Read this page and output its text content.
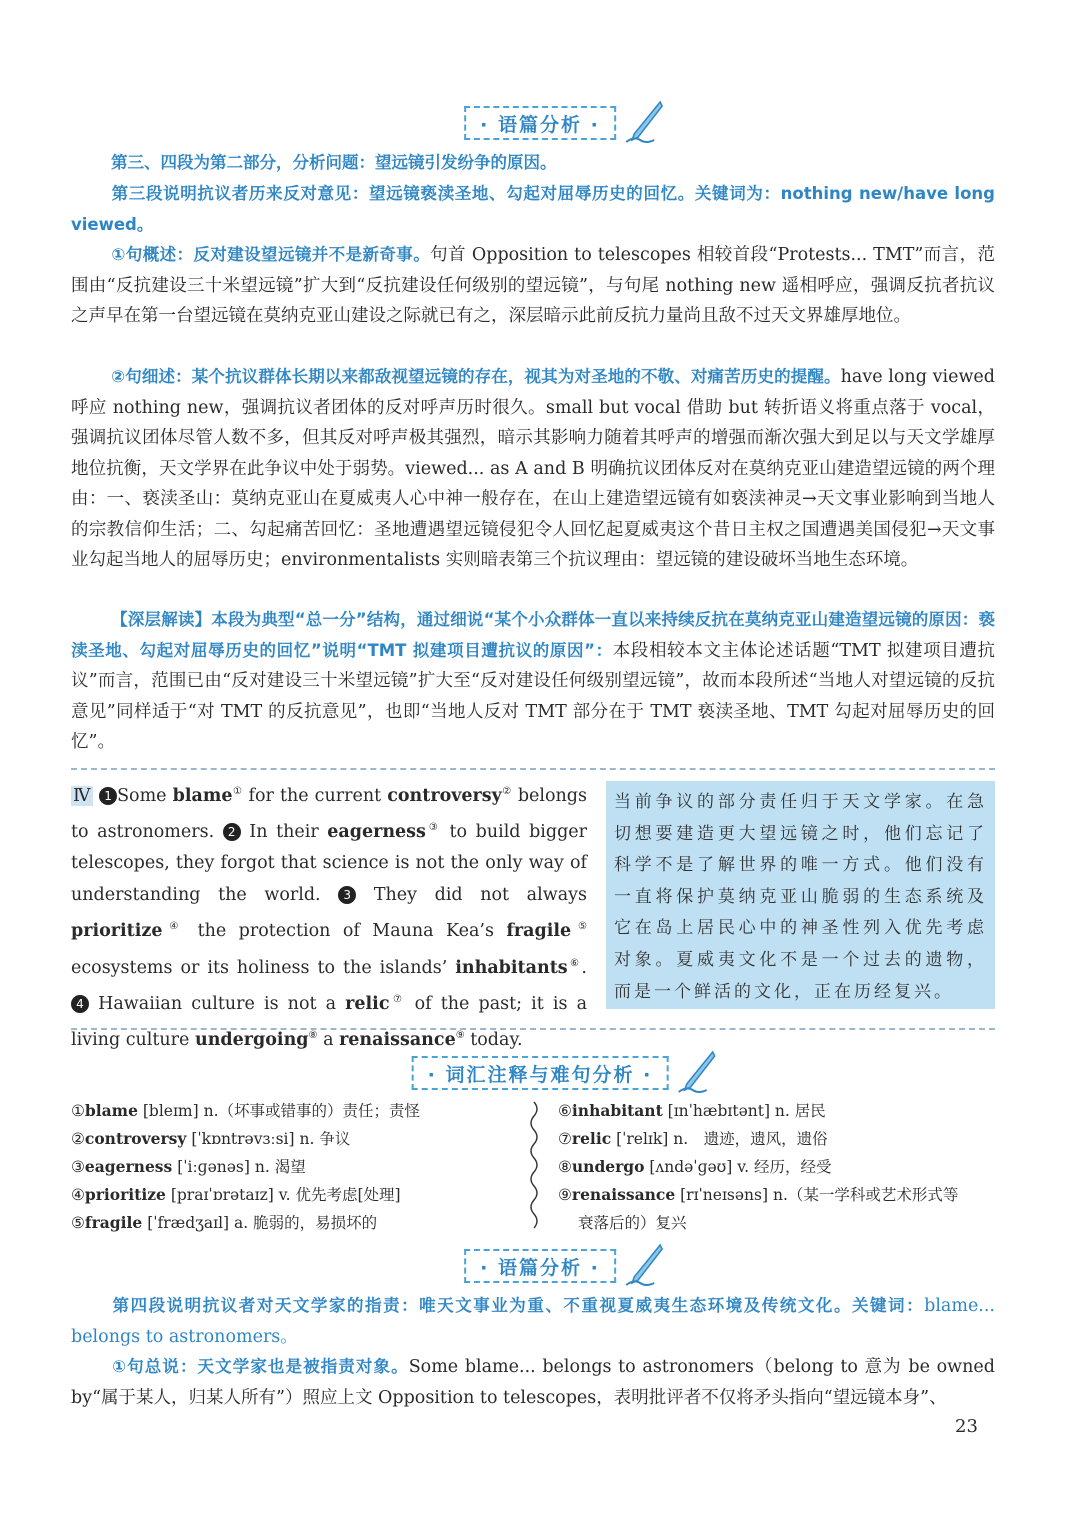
· 语篇分析 ·

第三、四段为第二部分，分析问题：望远镜引发纷争的原因。

第三段说明抗议者历来反对意见：望远镜亵渎圣地、勾起对屈辱历史的回忆。关键词为：nothing new/have long viewed。

①句概述：反对建设望远镜并不是新奇事。句首 Opposition to telescopes 相较首段“Protests... TMT”而言，范围由“反抗建设三十米望远镜”扩大到“反抗建设任何级别的望远镜”，与句尾 nothing new 遥相呼应，强调反抗者抗议之声早在第一台望远镜在莫纳克亚山建设之际就已有之，深层暗示此前反抗力量尚且敌不过天文界雄厚地位。

②句细述：某个抗议群体长期以来都敌视望远镜的存在，视其为对圣地的不敬、对痛苦历史的提醒。have long viewed 呼应 nothing new，强调抗议者团体的反对呼声历时很久。small but vocal 借助 but 转折语义将重点落于 vocal，强调抗议团体尽管人数不多，但其反对呼声极其强烈，暗示其影响力随着其呼声的增强而渐次强大到足以与天文学雄厚地位抗衡，天文学界在此争议中处于弱势。viewed... as A and B 明确抗议团体反对在莫纳克亚山建造望远镜的两个理由：一、亵渎圣山：莫纳克亚山在夏威夷人心中神一般存在，在山上建造望远镜有如亵渎神灵→天文事业影响到当地人的宗教信仰生活；二、勾起痛苦回忆：圣地遭遇望远镜侵犯令人回忆起夏威夷这个昔日主权之国遭遇美国侵犯→天文事业勾起当地人的屈辱历史；environmentalists 实则暗表第三个抗议理由：望远镜的建设破坏当地生态环境。

【深层解读】本段为典型“总一分”结构，通过细说“某个小众群体一直以来持续反抗在莫纳克亚山建造望远镜的原因：亵渎圣地、勾起对屈辱历史的回忆”说明“TMT 拟建项目遭抗议的原因”：本段相较本文主体论述话题“TMT 拟建项目遭抗议”而言，范围已由“反对建设三十米望远镜”扩大至“反对建设任何级别望远镜”，故而本段所述“当地人对望远镜的反抗意见”同样适于“对 TMT 的反抗意见”，也即“当地人反对 TMT 部分在于 TMT 亵渎圣地、TMT 勾起对屈辱历史的回忆”。

Ⅳ 1 Some blame① for the current controversy② belongs to astronomers. 2 In their eagerness③ to build bigger telescopes, they forgot that science is not the only way of understanding the world. 3 They did not always prioritize④ the protection of Mauna Kea’s fragile⑤ ecosystems or its holiness to the islands’ inhabitants⑥. 4 Hawaiian culture is not a relic⑦ of the past; it is a living culture undergoing⑧ a renaissance⑨ today.

当前争议的部分责任归于天文学家。在急切想要建造更大望远镜之时，他们忘记了科学不是了解世界的唯一方式。他们没有一直将保护莫纳克亚山脆弱的生态系统及它在岛上居民心中的神圣性列入优先考虑对象。夏威夷文化不是一个过去的遗物，而是一个鲜活的文化，正在历经复兴。
· 词汇注释与难句分析 ·
①blame [bleɪm] n.（坏事或错事的）责任；责怪
②controversy [ˈkɒntrəvɜːsi] n. 争议
③eagerness [ˈiːɡənəs] n. 渴望
④prioritize [praɪˈɒrətaɪz] v. 优先考虑[处理]
⑤fragile [ˈfrædʒaɪl] a. 脆弱的，易损坏的
⑥inhabitant [ɪnˈhæbɪtənt] n. 居民
⑦relic [ˈrelɪk] n.　遗迹，遗风，遗俗
⑧undergo [ʌndəˈɡəʊ] v. 经历，经受
⑨renaissance [rɪˈneɪsəns] n.（某一学科或艺术形式等
衰落后的）复兴
· 语篇分析 ·

第四段说明抗议者对天文学家的指责：唯天文事业为重、不重视夏威夷生态环境及传统文化。关键词：blame... belongs to astronomers。

①句总说：天文学家也是被指责对象。Some blame... belongs to astronomers（belong to 意为 be owned by“属于某人，归某人所有”）照应上文 Opposition to telescopes，表明批评者不仅将矛头指向“望远镜本身”、

23
